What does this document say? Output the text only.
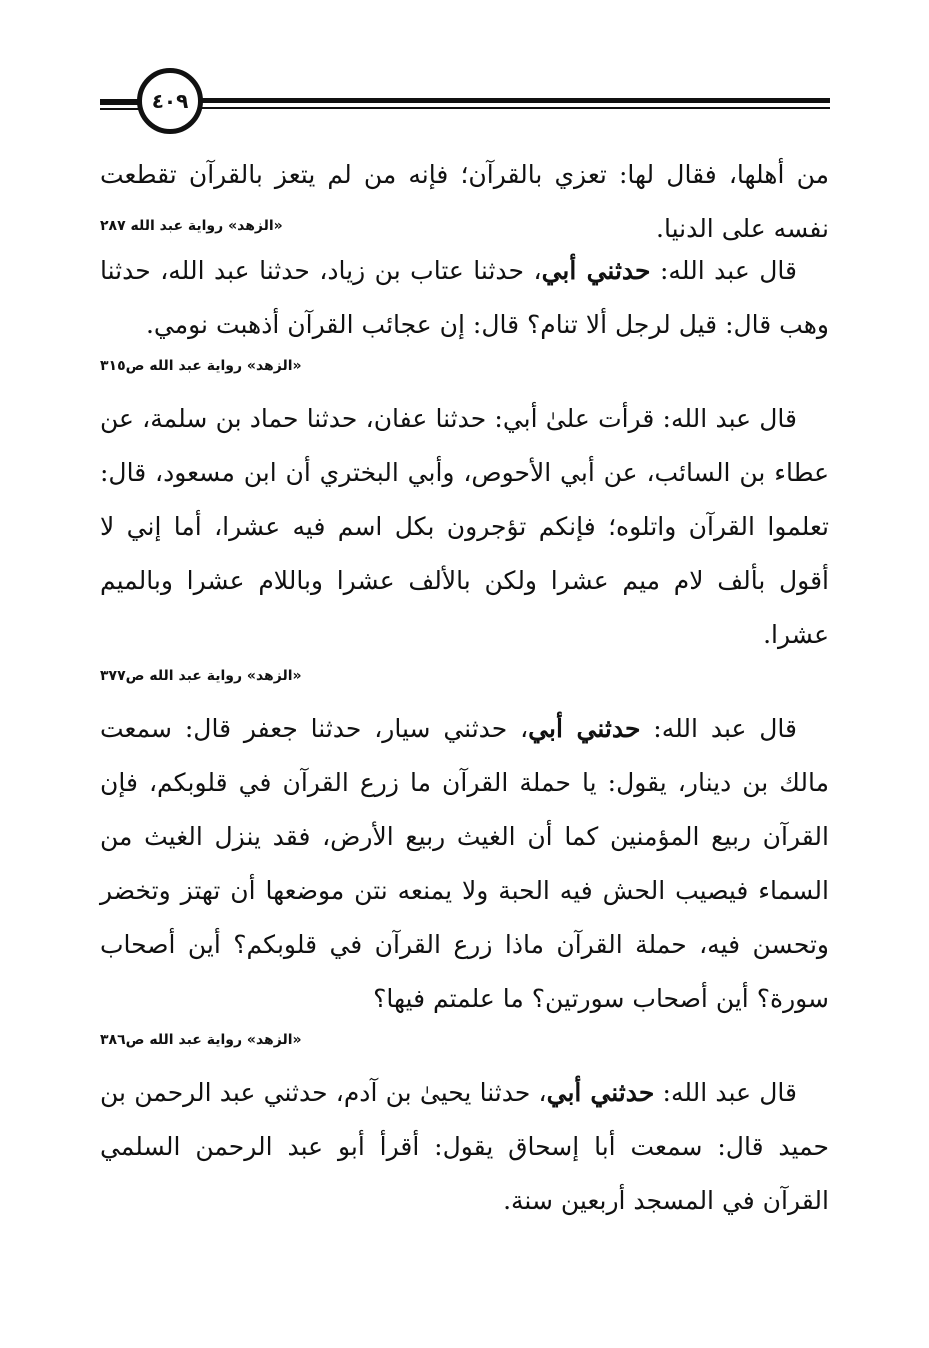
٤٠٩

من أهلها، فقال لها: تعزي بالقرآن؛ فإنه من لم يتعز بالقرآن تقطعت نفسه على الدنيا.

«الزهد» رواية عبد الله ٢٨٧

قال عبد الله: حدثني أبي، حدثنا عتاب بن زياد، حدثنا عبد الله، حدثنا وهب قال: قيل لرجل ألا تنام؟ قال: إن عجائب القرآن أذهبت نومي.

«الزهد» رواية عبد الله ص٣١٥

قال عبد الله: قرأت علىٰ أبي: حدثنا عفان، حدثنا حماد بن سلمة، عن عطاء بن السائب، عن أبي الأحوص، وأبي البختري أن ابن مسعود، قال: تعلموا القرآن واتلوه؛ فإنكم تؤجرون بكل اسم فيه عشرا، أما إني لا أقول بألف لام ميم عشرا ولكن بالألف عشرا وباللام عشرا وبالميم عشرا.

«الزهد» رواية عبد الله ص٣٧٧

قال عبد الله: حدثني أبي، حدثني سيار، حدثنا جعفر قال: سمعت مالك بن دينار، يقول: يا حملة القرآن ما زرع القرآن في قلوبكم، فإن القرآن ربيع المؤمنين كما أن الغيث ربيع الأرض، فقد ينزل الغيث من السماء فيصيب الحش فيه الحبة ولا يمنعه نتن موضعها أن تهتز وتخضر وتحسن فيه، حملة القرآن ماذا زرع القرآن في قلوبكم؟ أين أصحاب سورة؟ أين أصحاب سورتين؟ ما علمتم فيها؟

«الزهد» رواية عبد الله ص٣٨٦

قال عبد الله: حدثني أبي، حدثنا يحيىٰ بن آدم، حدثني عبد الرحمن بن حميد قال: سمعت أبا إسحاق يقول: أقرأ أبو عبد الرحمن السلمي القرآن في المسجد أربعين سنة.
